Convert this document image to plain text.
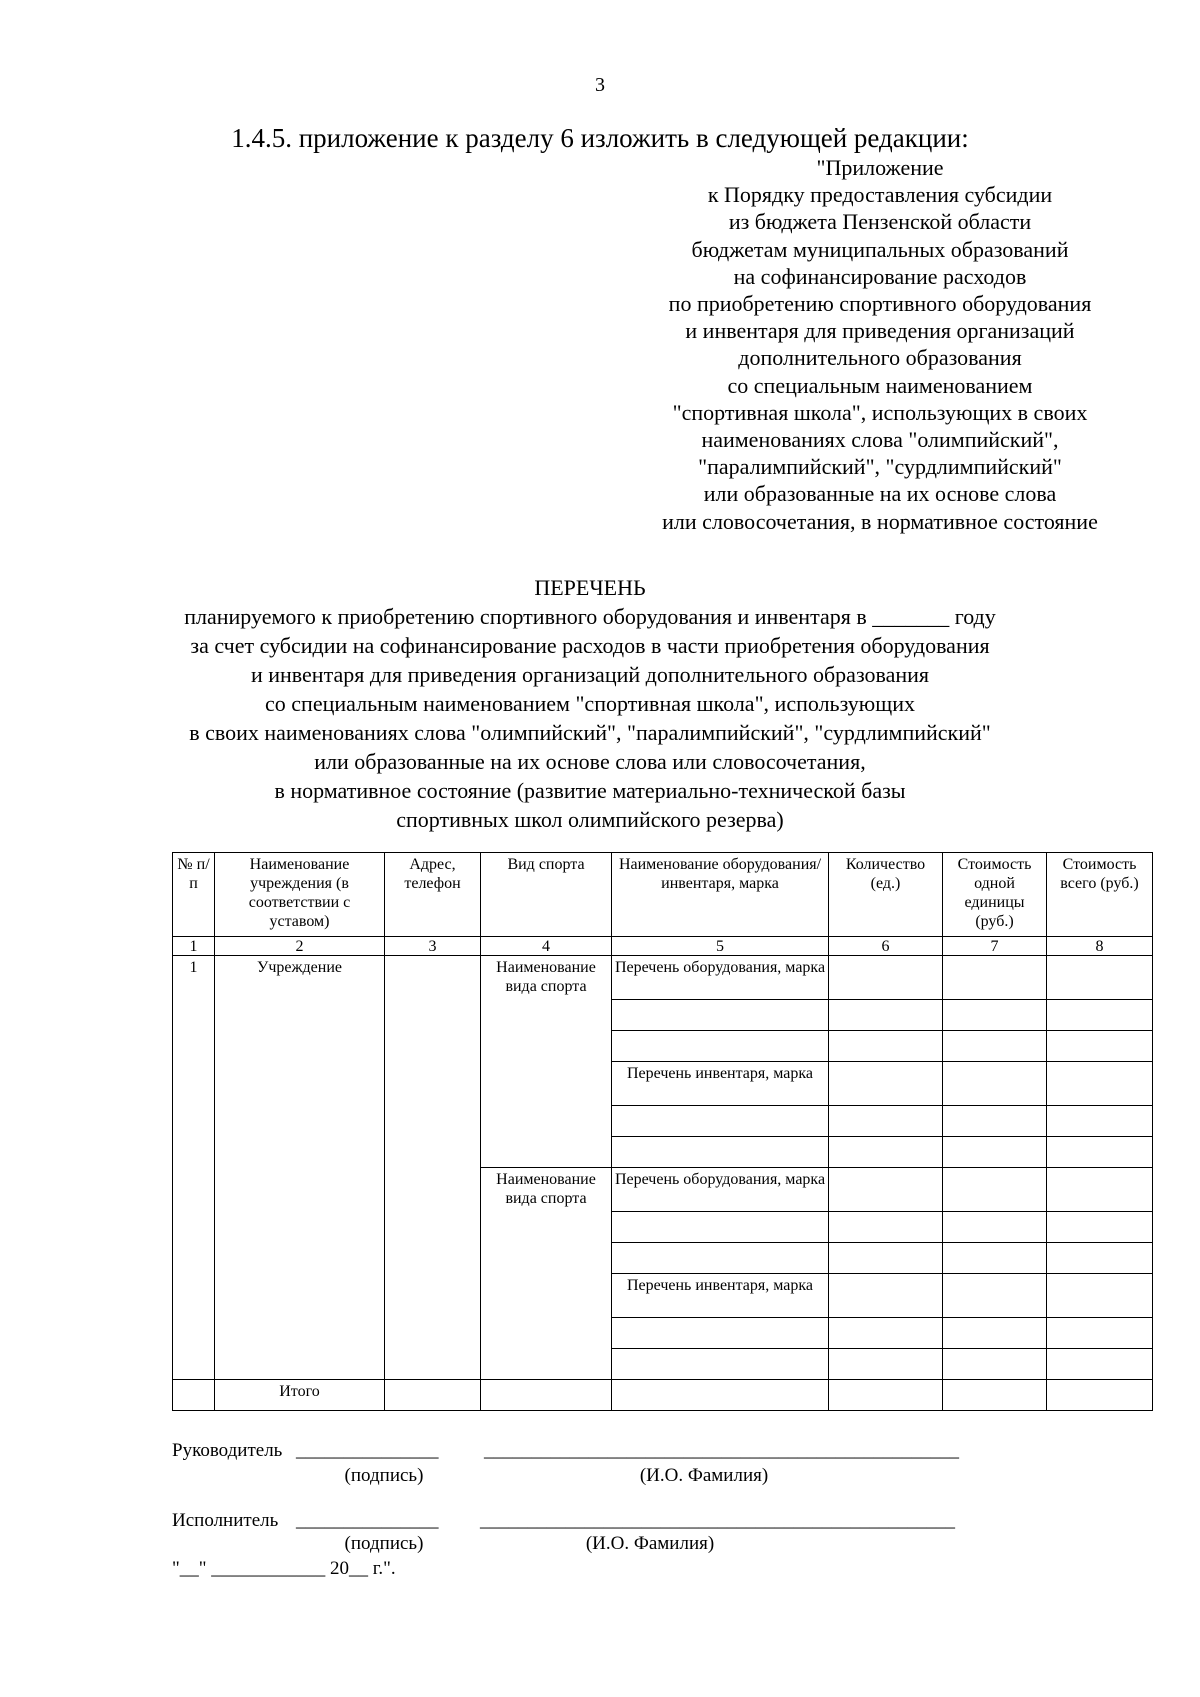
3
1.4.5. приложение к разделу 6 изложить в следующей редакции:
"Приложение
к Порядку предоставления субсидии
из бюджета Пензенской области
бюджетам муниципальных образований
на софинансирование расходов
по приобретению спортивного оборудования
и инвентаря для приведения организаций
дополнительного образования
со специальным наименованием
"спортивная школа", использующих в своих
наименованиях слова "олимпийский",
"паралимпийский", "сурдлимпийский"
или образованные на их основе слова
или словосочетания, в нормативное состояние
ПЕРЕЧЕНЬ
планируемого к приобретению спортивного оборудования и инвентаря в _______ году
за счет субсидии на софинансирование расходов в части приобретения оборудования
и инвентаря для приведения организаций дополнительного образования
со специальным наименованием "спортивная школа", использующих
в своих наименованиях слова "олимпийский", "паралимпийский", "сурдлимпийский"
или образованные на их основе слова или словосочетания,
в нормативное состояние (развитие материально-технической базы
спортивных школ олимпийского резерва)
№ п/п	Наименование учреждения (в соответствии с уставом)	Адрес, телефон	Вид спорта	Наименование оборудования/инвентаря, марка	Количество (ед.)	Стоимость одной единицы (руб.)	Стоимость всего (руб.)
1	2	3	4	5	6	7	8
1	Учреждение		Наименование вида спорта	Перечень оборудования, марка			

				Перечень инвентаря, марка			

			Наименование вида спорта	Перечень оборудования, марка			

				Перечень инвентаря, марка			

	Итого						
Руководитель _______________ __________________________________________________
(подпись)	(И.О. Фамилия)
Исполнитель _______________ __________________________________________________
(подпись)	(И.О. Фамилия)
"__" ____________ 20__ г.".
